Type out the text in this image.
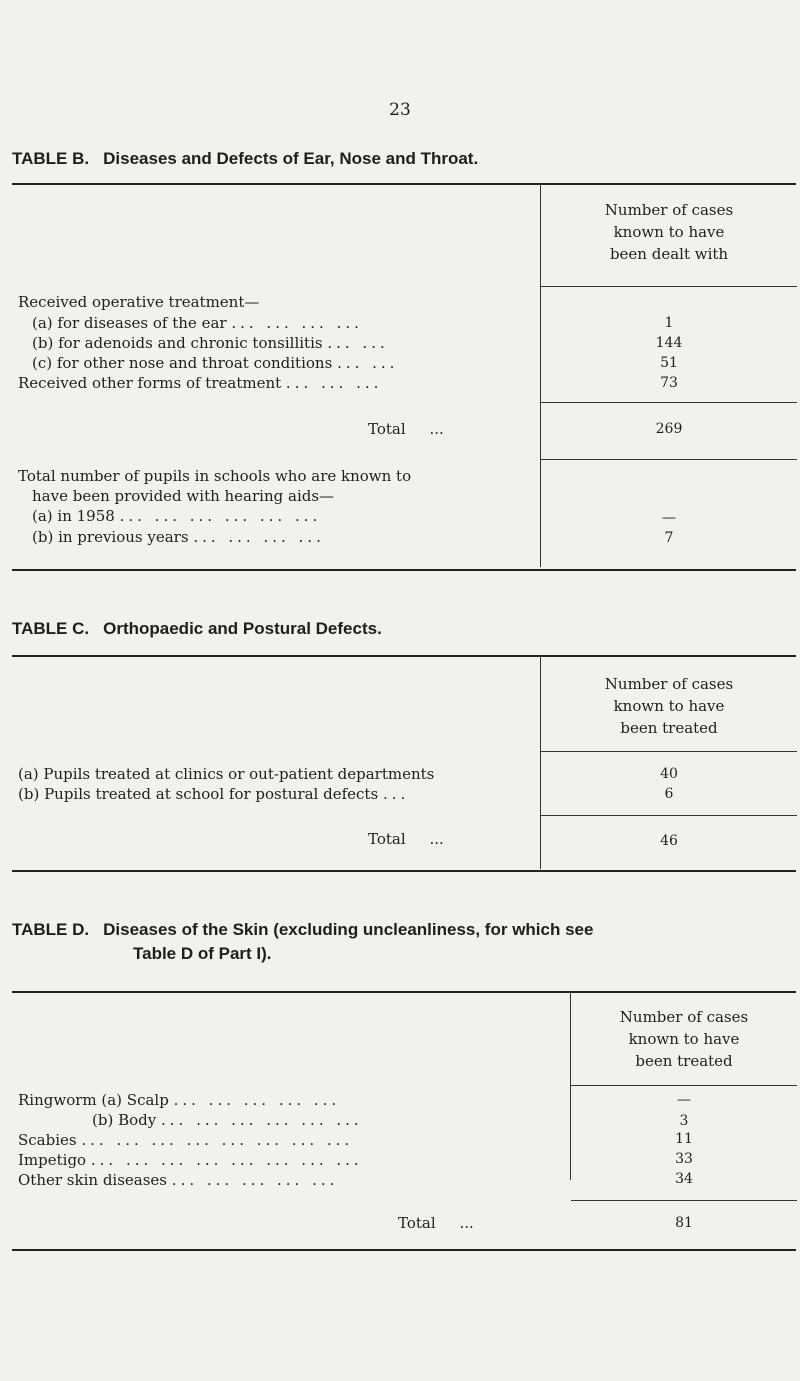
23
TABLE B. Diseases and Defects of Ear, Nose and Throat.
Number of cases
known to have
been dealt with
Received operative treatment—
(a) for diseases of the ear ... ... ... ...	1
(b) for adenoids and chronic tonsillitis ... ...	144
(c) for other nose and throat conditions ... ...	51
Received other forms of treatment ... ... ...	73
Total ...	269
Total number of pupils in schools who are known to
have been provided with hearing aids—
(a) in 1958 ... ... ... ... ... ...	—
(b) in previous years ... ... ... ...	7
TABLE C. Orthopaedic and Postural Defects.
Number of cases
known to have
been treated
(a) Pupils treated at clinics or out-patient departments	40
(b) Pupils treated at school for postural defects ...	6
Total ...	46
TABLE D. Diseases of the Skin (excluding uncleanliness, for which see
Table D of Part I).
Number of cases
known to have
been treated
Ringworm (a) Scalp ... ... ... ... ...	—
(b) Body ... ... ... ... ... ...	3
Scabies ... ... ... ... ... ... ... ...	11
Impetigo ... ... ... ... ... ... ... ...	33
Other skin diseases ... ... ... ... ...	34
Total ...	81
